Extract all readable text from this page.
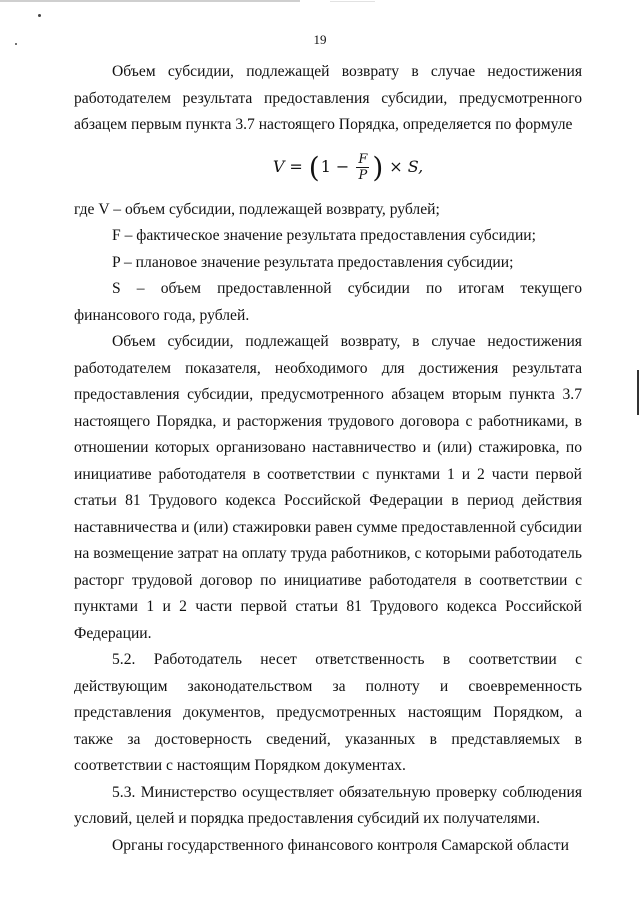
19

Объем субсидии, подлежащей возврату в случае недостижения работодателем результата предоставления субсидии, предусмотренного абзацем первым пункта 3.7 настоящего Порядка, определяется по формуле

V = ( $1 - \frac{F}{P}$ ) × S,

где V – объем субсидии, подлежащей возврату, рублей;

F – фактическое значение результата предоставления субсидии;

P – плановое значение результата предоставления субсидии;

S – объем предоставленной субсидии по итогам текущего финансового года, рублей.

Объем субсидии, подлежащей возврату, в случае недостижения работодателем показателя, необходимого для достижения результата предоставления субсидии, предусмотренного абзацем вторым пункта 3.7 настоящего Порядка, и расторжения трудового договора с работниками, в отношении которых организовано наставничество и (или) стажировка, по инициативе работодателя в соответствии с пунктами 1 и 2 части первой статьи 81 Трудового кодекса Российской Федерации в период действия наставничества и (или) стажировки равен сумме предоставленной субсидии на возмещение затрат на оплату труда работников, с которыми работодатель расторг трудовой договор по инициативе работодателя в соответствии с пунктами 1 и 2 части первой статьи 81 Трудового кодекса Российской Федерации.

5.2. Работодатель несет ответственность в соответствии с действующим законодательством за полноту и своевременность представления документов, предусмотренных настоящим Порядком, а также за достоверность сведений, указанных в представляемых в соответствии с настоящим Порядком документах.

5.3. Министерство осуществляет обязательную проверку соблюдения условий, целей и порядка предоставления субсидий их получателями.

Органы государственного финансового контроля Самарской области
